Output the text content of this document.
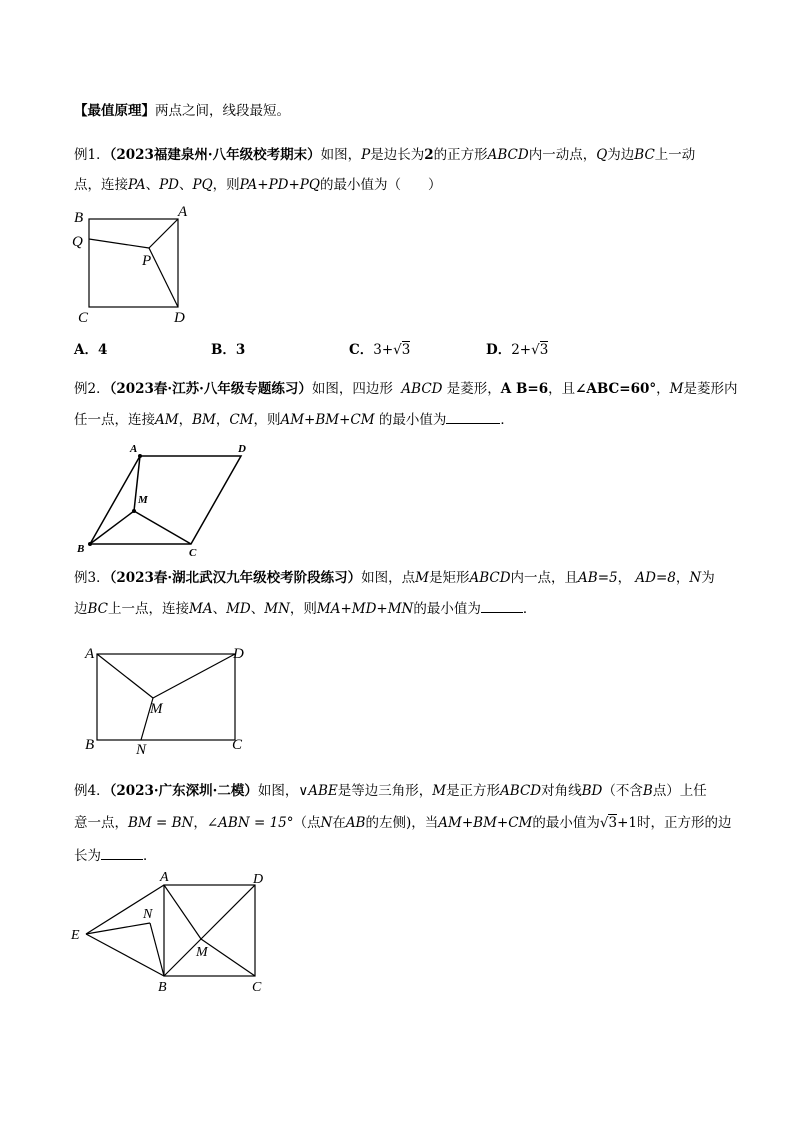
【最值原理】两点之间，线段最短。
例1．（2023福建泉州·八年级校考期末）如图，P是边长为2的正方形ABCD内一动点，Q为边BC上一动
点，连接PA、PD、PQ，则PA+PD+PQ的最小值为（　　）
B	A
Q
P
C	D
A．4	B．3	C．3+√3	D．2+√3
例2．（2023春·江苏·八年级专题练习）如图，四边形 ABCD 是菱形，A B=6，且∠ABC=60°，M是菱形内
任一点，连接AM，BM，CM，则AM+BM+CM 的最小值为	．
A	D
M
B	C
例3．（2023春·湖北武汉九年级校考阶段练习）如图，点M是矩形ABCD内一点，且AB=5， AD=8，N为
边BC上一点，连接MA、MD、MN，则MA+MD+MN的最小值为	．
A	D
M
B	N	C
例4．（2023·广东深圳·二模）如图，∨ABE是等边三角形，M是正方形ABCD对角线BD（不含B点）上任
意一点，BM = BN，∠ABN = 15°（点N在AB的左侧)，当AM+BM+CM的最小值为√3+1时，正方形的边
长为	．
A	D
N
E
M
B	C
